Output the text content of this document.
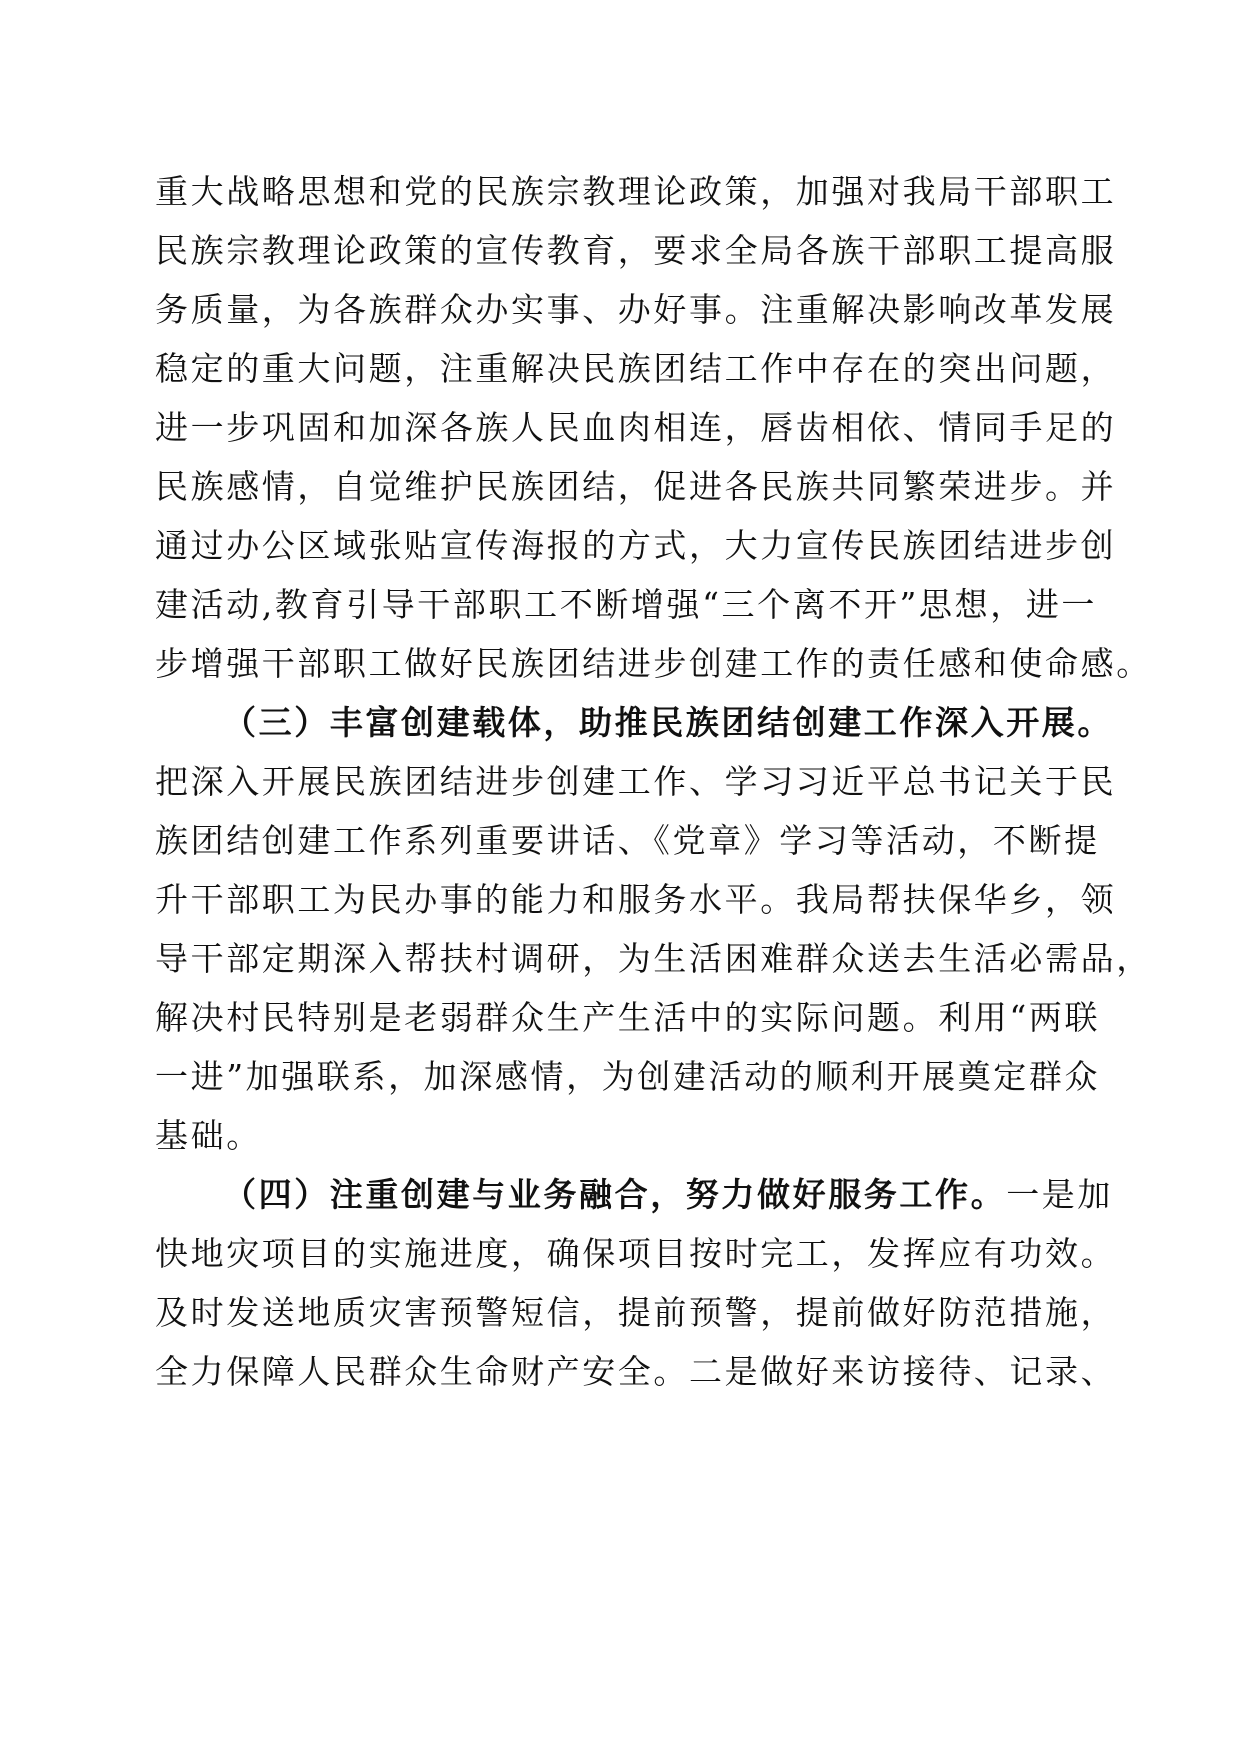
重大战略思想和党的民族宗教理论政策，加强对我局干部职工
民族宗教理论政策的宣传教育，要求全局各族干部职工提高服
务质量，为各族群众办实事、办好事。注重解决影响改革发展
稳定的重大问题，注重解决民族团结工作中存在的突出问题，
进一步巩固和加深各族人民血肉相连，唇齿相依、情同手足的
民族感情，自觉维护民族团结，促进各民族共同繁荣进步。并
通过办公区域张贴宣传海报的方式，大力宣传民族团结进步创
建活动,教育引导干部职工不断增强“三个离不开”思想，进一
步增强干部职工做好民族团结进步创建工作的责任感和使命感。
（三）丰富创建载体，助推民族团结创建工作深入开展。
把深入开展民族团结进步创建工作、学习习近平总书记关于民
族团结创建工作系列重要讲话、《党章》学习等活动，不断提
升干部职工为民办事的能力和服务水平。我局帮扶保华乡，领
导干部定期深入帮扶村调研，为生活困难群众送去生活必需品，
解决村民特别是老弱群众生产生活中的实际问题。利用“两联
一进”加强联系，加深感情，为创建活动的顺利开展奠定群众
基础。
（四）注重创建与业务融合，努力做好服务工作。一是加
快地灾项目的实施进度，确保项目按时完工，发挥应有功效。
及时发送地质灾害预警短信，提前预警，提前做好防范措施，
全力保障人民群众生命财产安全。二是做好来访接待、记录、
